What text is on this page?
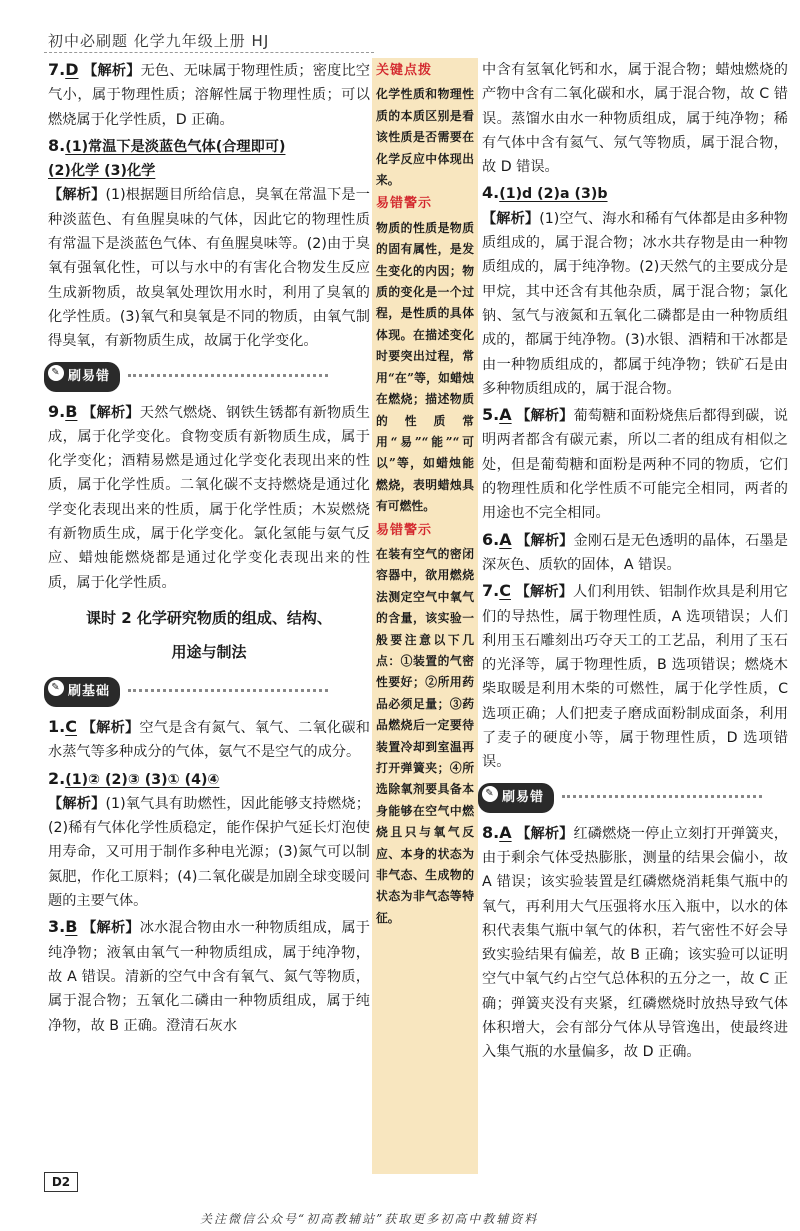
初中必刷题 化学九年级上册 HJ
7.D 【解析】无色、无味属于物理性质；密度比空气小，属于物理性质；溶解性属于物理性质；可以燃烧属于化学性质，D 正确。
8.(1)常温下是淡蓝色气体(合理即可)
(2)化学 (3)化学
【解析】(1)根据题目所给信息，臭氧在常温下是一种淡蓝色、有鱼腥臭味的气体，因此它的物理性质有常温下是淡蓝色气体、有鱼腥臭味等。(2)由于臭氧有强氧化性，可以与水中的有害化合物发生反应生成新物质，故臭氧处理饮用水时，利用了臭氧的化学性质。(3)氧气和臭氧是不同的物质，由氧气制得臭氧，有新物质生成，故属于化学变化。
✎ 刷易错
9.B 【解析】天然气燃烧、钢铁生锈都有新物质生成，属于化学变化。食物变质有新物质生成，属于化学变化；酒精易燃是通过化学变化表现出来的性质，属于化学性质。二氧化碳不支持燃烧是通过化学变化表现出来的性质，属于化学性质；木炭燃烧有新物质生成，属于化学变化。氯化氢能与氨气反应、蜡烛能燃烧都是通过化学变化表现出来的性质，属于化学性质。
课时 2 化学研究物质的组成、结构、
用途与制法
✎ 刷基础
1.C 【解析】空气是含有氮气、氧气、二氧化碳和水蒸气等多种成分的气体，氨气不是空气的成分。
2.(1)② (2)③ (3)① (4)④
【解析】(1)氧气具有助燃性，因此能够支持燃烧；(2)稀有气体化学性质稳定，能作保护气延长灯泡使用寿命，又可用于制作多种电光源；(3)氮气可以制氮肥，作化工原料；(4)二氧化碳是加剧全球变暖问题的主要气体。
3.B 【解析】冰水混合物由水一种物质组成，属于纯净物；液氧由氧气一种物质组成，属于纯净物，故 A 错误。清新的空气中含有氧气、氮气等物质，属于混合物；五氧化二磷由一种物质组成，属于纯净物，故 B 正确。澄清石灰水
关键点拨
化学性质和物理性质的本质区别是看该性质是否需要在化学反应中体现出来。
易错警示
物质的性质是物质的固有属性，是发生变化的内因；物质的变化是一个过程，是性质的具体体现。在描述变化时要突出过程，常用“在”等，如蜡烛在燃烧；描述物质的性质常用“易”“能”“可以”等，如蜡烛能燃烧，表明蜡烛具有可燃性。
易错警示
在装有空气的密闭容器中，欲用燃烧法测定空气中氧气的含量，该实验一般要注意以下几点：①装置的气密性要好；②所用药品必须足量；③药品燃烧后一定要待装置冷却到室温再打开弹簧夹；④所选除氧剂要具备本身能够在空气中燃烧且只与氧气反应、本身的状态为非气态、生成物的状态为非气态等特征。
中含有氢氧化钙和水，属于混合物；蜡烛燃烧的产物中含有二氧化碳和水，属于混合物，故 C 错误。蒸馏水由水一种物质组成，属于纯净物；稀有气体中含有氦气、氖气等物质，属于混合物，故 D 错误。
4.(1)d (2)a (3)b
【解析】(1)空气、海水和稀有气体都是由多种物质组成的，属于混合物；冰水共存物是由一种物质组成的，属于纯净物。(2)天然气的主要成分是甲烷，其中还含有其他杂质，属于混合物；氯化钠、氢气与液氮和五氧化二磷都是由一种物质组成的，都属于纯净物。(3)水银、酒精和干冰都是由一种物质组成的，都属于纯净物；铁矿石是由多种物质组成的，属于混合物。
5.A 【解析】葡萄糖和面粉烧焦后都得到碳，说明两者都含有碳元素，所以二者的组成有相似之处，但是葡萄糖和面粉是两种不同的物质，它们的物理性质和化学性质不可能完全相同，两者的用途也不完全相同。
6.A 【解析】金刚石是无色透明的晶体，石墨是深灰色、质软的固体，A 错误。
7.C 【解析】人们利用铁、铝制作炊具是利用它们的导热性，属于物理性质，A 选项错误；人们利用玉石雕刻出巧夺天工的工艺品，利用了玉石的光泽等，属于物理性质，B 选项错误；燃烧木柴取暖是利用木柴的可燃性，属于化学性质，C 选项正确；人们把麦子磨成面粉制成面条，利用了麦子的硬度小等，属于物理性质，D 选项错误。
✎ 刷易错
8.A 【解析】红磷燃烧一停止立刻打开弹簧夹，由于剩余气体受热膨胀，测量的结果会偏小，故 A 错误；该实验装置是红磷燃烧消耗集气瓶中的氧气，再利用大气压强将水压入瓶中，以水的体积代表集气瓶中氧气的体积，若气密性不好会导致实验结果有偏差，故 B 正确；该实验可以证明空气中氧气约占空气总体积的五分之一，故 C 正确；弹簧夹没有夹紧，红磷燃烧时放热导致气体体积增大，会有部分气体从导管逸出，使最终进入集气瓶的水量偏多，故 D 正确。
D2
关注微信公众号“初高教辅站”获取更多初高中教辅资料
